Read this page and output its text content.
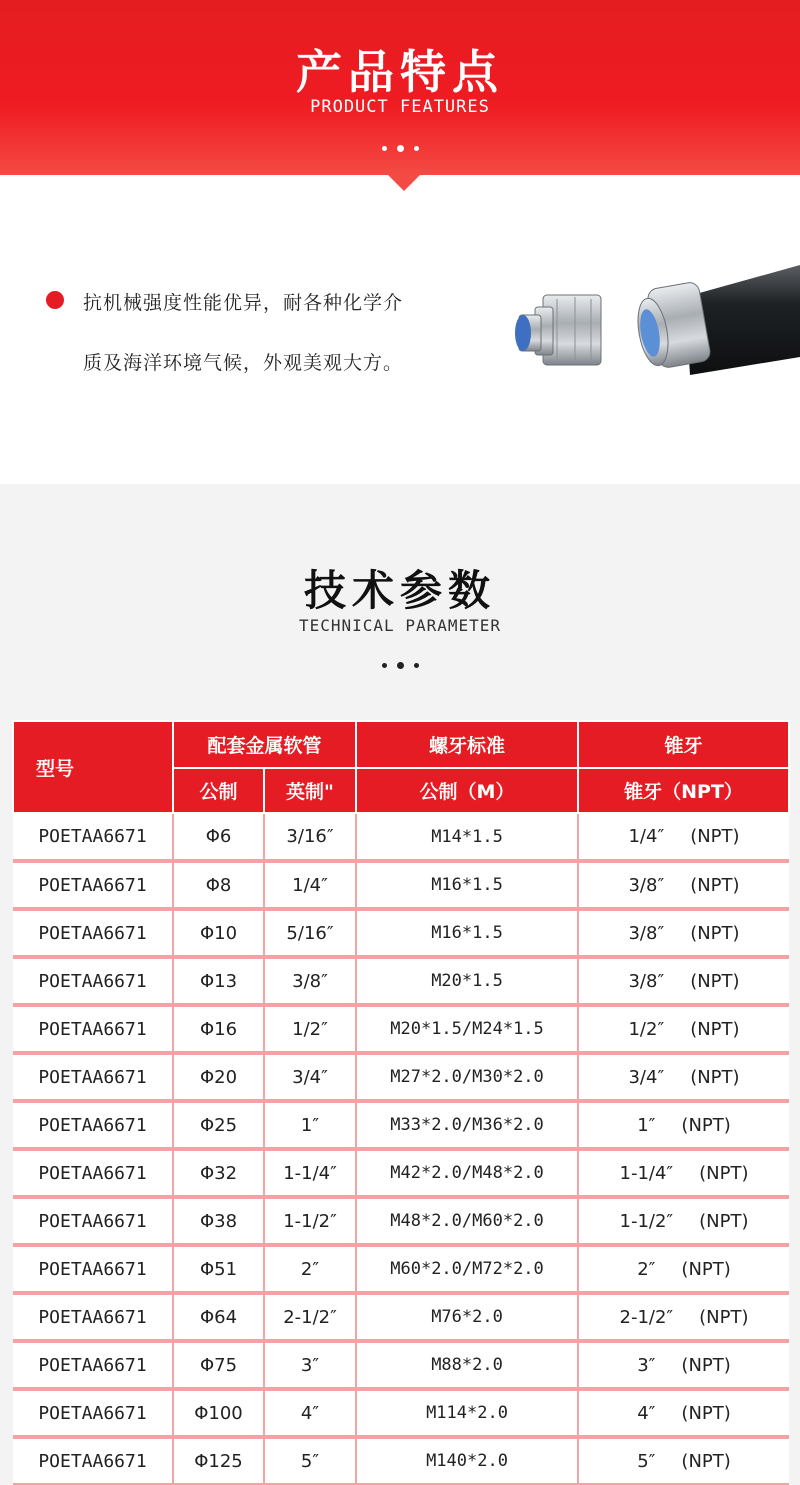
产品特点
PRODUCT FEATURES
抗机械强度性能优异，耐各种化学介
质及海洋环境气候，外观美观大方。
技术参数
TECHNICAL PARAMETER
型号	配套金属软管		螺牙标准	锥牙
	公制	英制"	公制（M）	锥牙（NPT）
POETAA6671	Φ6	3/16″	M14*1.5	1/4″ (NPT)
POETAA6671	Φ8	1/4″	M16*1.5	3/8″ (NPT)
POETAA6671	Φ10	5/16″	M16*1.5	3/8″ (NPT)
POETAA6671	Φ13	3/8″	M20*1.5	3/8″ (NPT)
POETAA6671	Φ16	1/2″	M20*1.5/M24*1.5	1/2″ (NPT)
POETAA6671	Φ20	3/4″	M27*2.0/M30*2.0	3/4″ (NPT)
POETAA6671	Φ25	1″	M33*2.0/M36*2.0	1″ (NPT)
POETAA6671	Φ32	1-1/4″	M42*2.0/M48*2.0	1-1/4″ (NPT)
POETAA6671	Φ38	1-1/2″	M48*2.0/M60*2.0	1-1/2″ (NPT)
POETAA6671	Φ51	2″	M60*2.0/M72*2.0	2″ (NPT)
POETAA6671	Φ64	2-1/2″	M76*2.0	2-1/2″ (NPT)
POETAA6671	Φ75	3″	M88*2.0	3″ (NPT)
POETAA6671	Φ100	4″	M114*2.0	4″ (NPT)
POETAA6671	Φ125	5″	M140*2.0	5″ (NPT)
